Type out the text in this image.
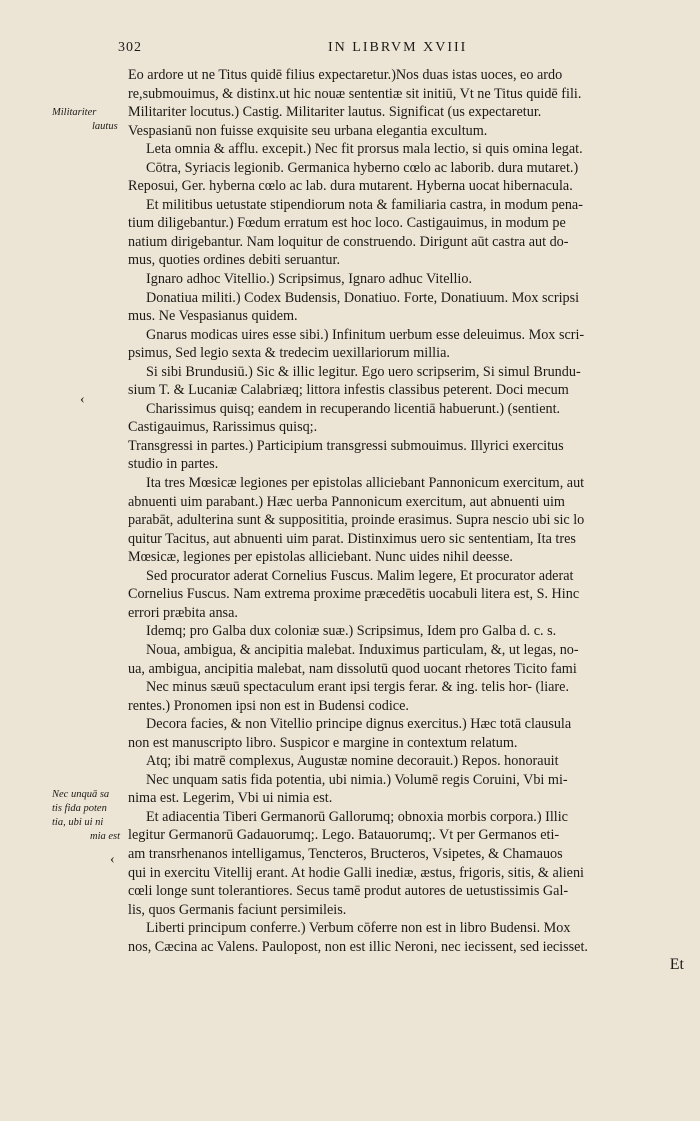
302	IN LIBRVM XVIII
Militariter
lautus
Nec unquā sa
tis fida poten
tia, ubi ui ni
mia est
‹
‹
Eo ardore ut ne Titus quidē filius expectaretur.)Nos duas istas uoces, eo ardo
re,submouimus, & distinx.ut hic nouæ sententiæ sit initiū, Vt ne Titus quidē fili.
Militariter locutus.) Castig. Militariter lautus. Significat (us expectaretur.
Vespasianū non fuisse exquisite seu urbana elegantia excultum.
Leta omnia & afflu. excepit.) Nec fit prorsus mala lectio, si quis omina legat.
Cōtra, Syriacis legionib. Germanica hyberno cœlo ac laborib. dura mutaret.)
Reposui, Ger. hyberna cœlo ac lab. dura mutarent. Hyberna uocat hibernacula.
Et militibus uetustate stipendiorum nota & familiaria castra, in modum pena-
tium diligebantur.) Fœdum erratum est hoc loco. Castigauimus, in modum pe
natium dirigebantur. Nam loquitur de construendo. Dirigunt aūt castra aut do-
mus, quoties ordines debiti seruantur.
Ignaro adhoc Vitellio.) Scripsimus, Ignaro adhuc Vitellio.
Donatiua militi.) Codex Budensis, Donatiuo. Forte, Donatiuum. Mox scripsi
mus. Ne Vespasianus quidem.
Gnarus modicas uires esse sibi.) Infinitum uerbum esse deleuimus. Mox scri-
psimus, Sed legio sexta & tredecim uexillariorum millia.
Si sibi Brundusiū.) Sic & illic legitur. Ego uero scripserim, Si simul Brundu-
sium T. & Lucaniæ Calabriæq; littora infestis classibus peterent. Doci mecum
Charissimus quisq; eandem in recuperando licentiā habuerunt.) (sentient.
Castigauimus, Rarissimus quisq;.
Transgressi in partes.) Participium transgressi submouimus. Illyrici exercitus
studio in partes.
Ita tres Mœsicæ legiones per epistolas alliciebant Pannonicum exercitum, aut
abnuenti uim parabant.) Hæc uerba Pannonicum exercitum, aut abnuenti uim
parabāt, adulterina sunt & supposititia, proinde erasimus. Supra nescio ubi sic lo
quitur Tacitus, aut abnuenti uim parat. Distinximus uero sic sententiam, Ita tres
Mœsicæ, legiones per epistolas alliciebant. Nunc uides nihil deesse.
Sed procurator aderat Cornelius Fuscus. Malim legere, Et procurator aderat
Cornelius Fuscus. Nam extrema proxime præcedētis uocabuli litera est, S. Hinc
errori præbita ansa.
Idemq; pro Galba dux coloniæ suæ.) Scripsimus, Idem pro Galba d. c. s.
Noua, ambigua, & ancipitia malebat. Induximus particulam, &, ut legas, no-
ua, ambigua, ancipitia malebat, nam dissolutū quod uocant rhetores Ticito fami
Nec minus sæuū spectaculum erant ipsi tergis ferar. & ing. telis hor- (liare.
rentes.) Pronomen ipsi non est in Budensi codice.
Decora facies, & non Vitellio principe dignus exercitus.) Hæc totā clausula
non est manuscripto libro. Suspicor e margine in contextum relatum.
Atq; ibi matrē complexus, Augustæ nomine decorauit.) Repos. honorauit
Nec unquam satis fida potentia, ubi nimia.) Volumē regis Coruini, Vbi mi-
nima est. Legerim, Vbi ui nimia est.
Et adiacentia Tiberi Germanorū Gallorumq; obnoxia morbis corpora.) Illic
legitur Germanorū Gadauorumq;. Lego. Batauorumq;. Vt per Germanos eti-
am transrhenanos intelligamus, Tencteros, Bructeros, Vsipetes, & Chamauos
qui in exercitu Vitellij erant. At hodie Galli inediæ, æstus, frigoris, sitis, & alieni
cœli longe sunt tolerantiores. Secus tamē produt autores de uetustissimis Gal-
lis, quos Germanis faciunt persimileis.
Liberti principum conferre.) Verbum cōferre non est in libro Budensi. Mox
nos, Cæcina ac Valens. Paulopost, non est illic Neroni, nec iecissent, sed iecisset.
Et
